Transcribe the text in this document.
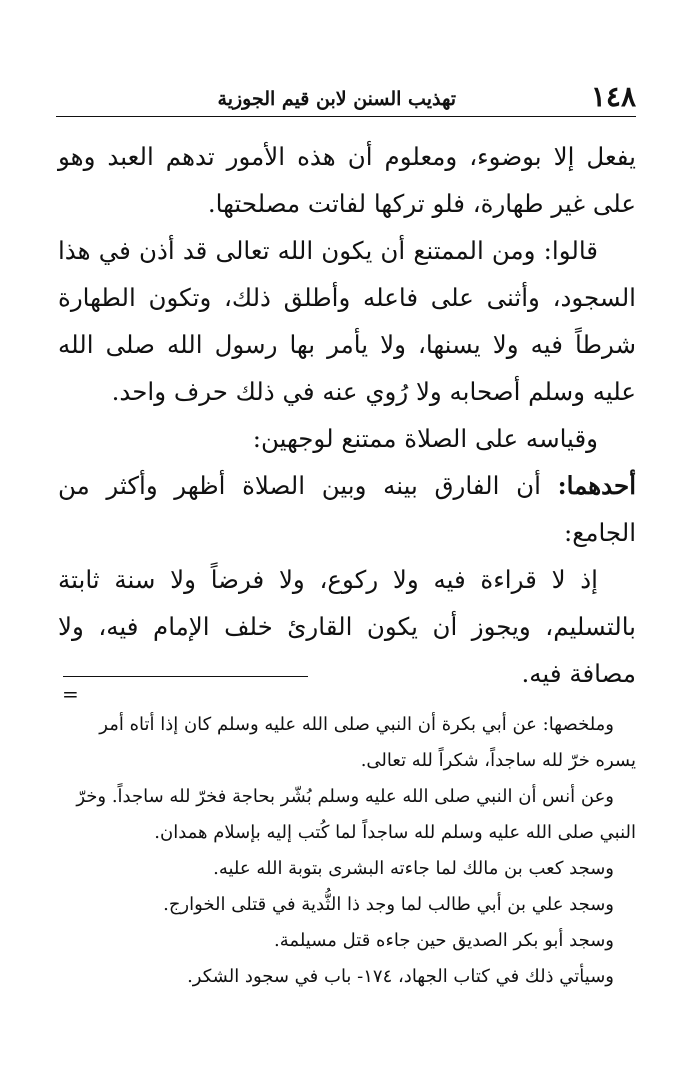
١٤٨
تهذيب السنن لابن قيم الجوزية

يفعل إلا بوضوء، ومعلوم أن هذه الأمور تدهم العبد وهو على غير طهارة، فلو تركها لفاتت مصلحتها.

قالوا: ومن الممتنع أن يكون الله تعالى قد أذن في هذا السجود، وأثنى على فاعله وأطلق ذلك، وتكون الطهارة شرطاً فيه ولا يسنها، ولا يأمر بها رسول الله صلى الله عليه وسلم أصحابه ولا رُوي عنه في ذلك حرف واحد.

وقياسه على الصلاة ممتنع لوجهين:

أحدهما: أن الفارق بينه وبين الصلاة أظهر وأكثر من الجامع:

إذ لا قراءة فيه ولا ركوع، ولا فرضاً ولا سنة ثابتة بالتسليم، ويجوز أن يكون القارئ خلف الإمام فيه، ولا مصافة فيه.

=

وملخصها: عن أبي بكرة أن النبي صلى الله عليه وسلم كان إذا أتاه أمر يسره خرّ لله ساجداً، شكراً لله تعالى.

وعن أنس أن النبي صلى الله عليه وسلم بُشّر بحاجة فخرّ لله ساجداً. وخرّ النبي صلى الله عليه وسلم لله ساجداً لما كُتب إليه بإسلام همدان.

وسجد كعب بن مالك لما جاءته البشرى بتوبة الله عليه.

وسجد علي بن أبي طالب لما وجد ذا الثُّدية في قتلى الخوارج.

وسجد أبو بكر الصديق حين جاءه قتل مسيلمة.

وسيأتي ذلك في كتاب الجهاد، ١٧٤- باب في سجود الشكر.
